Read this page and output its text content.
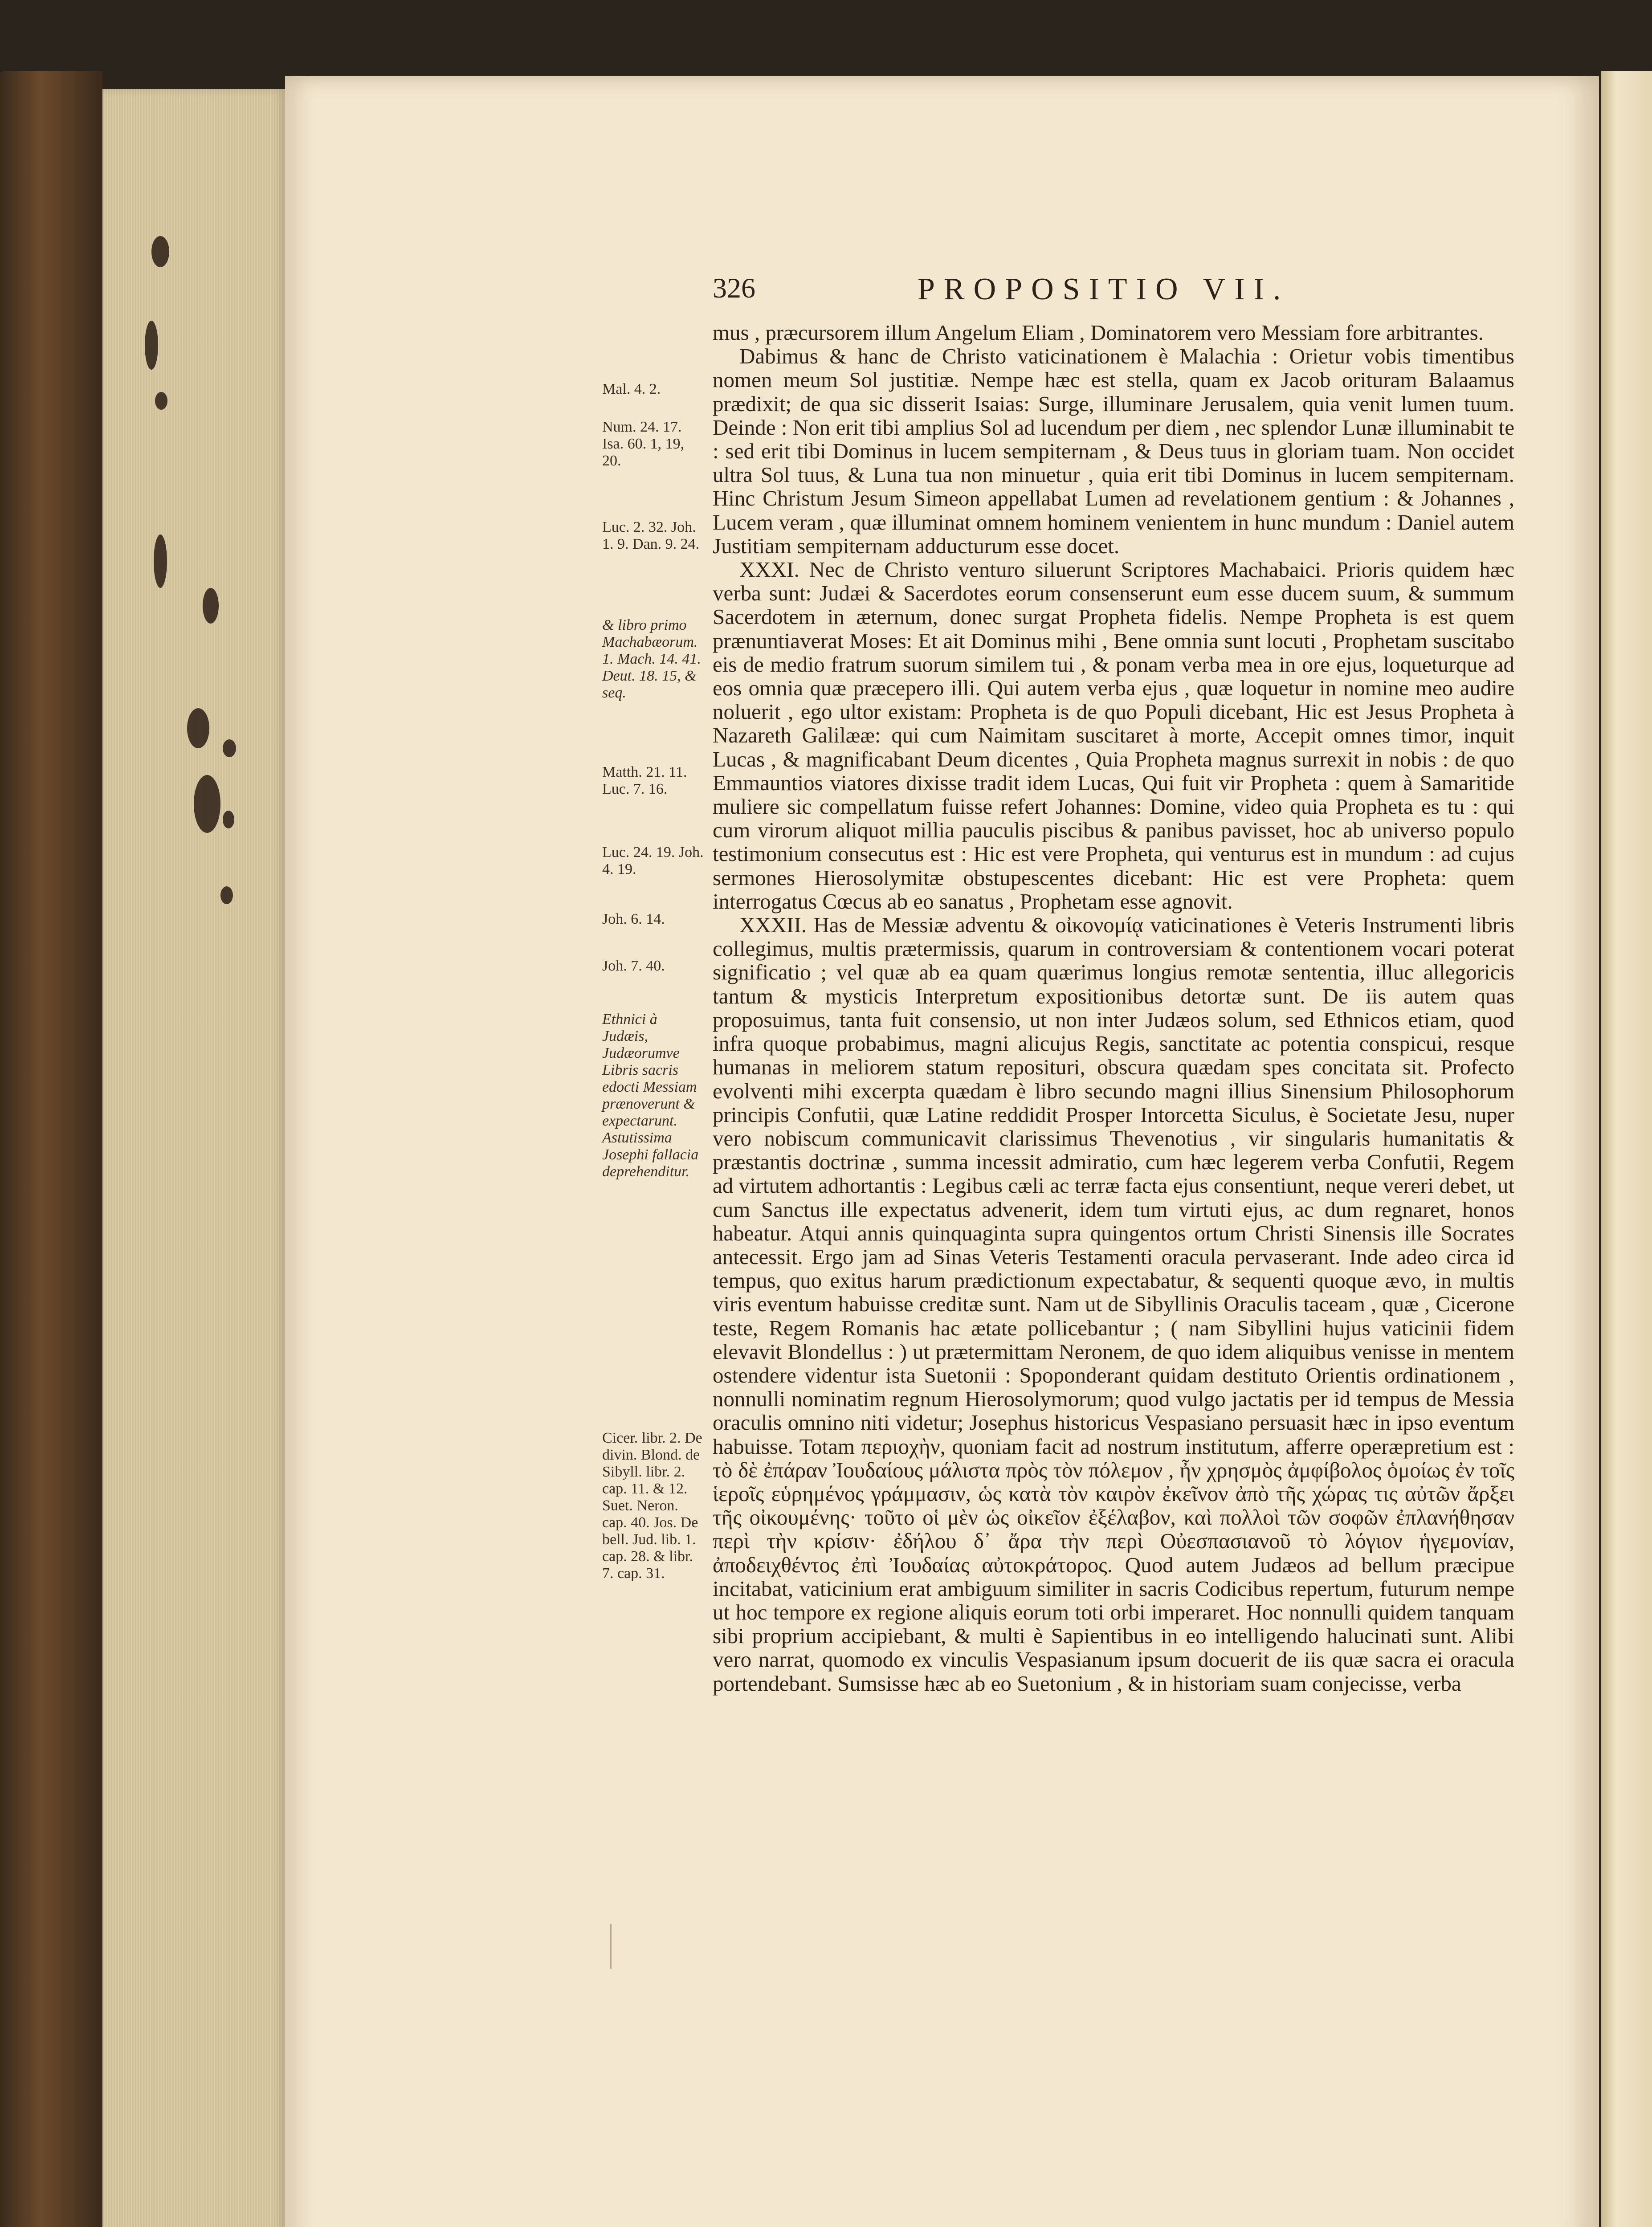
326	PROPOSITIO VII.
Mal. 4. 2.
Num. 24. 17. Isa. 60. 1, 19, 20.
Luc. 2. 32. Joh. 1. 9. Dan. 9. 24.
& libro primo Machabæorum. 1. Mach. 14. 41. Deut. 18. 15, & seq.
Matth. 21. 11. Luc. 7. 16.
Luc. 24. 19. Joh. 4. 19.
Joh. 6. 14.
Joh. 7. 40.
Ethnici à Judæis, Judæorumve Libris sacris edocti Messiam prænoverunt & expectarunt. Astutissima Josephi fallacia deprehenditur.
Cicer. libr. 2. De divin. Blond. de Sibyll. libr. 2. cap. 11. & 12. Suet. Neron. cap. 40. Jos. De bell. Jud. lib. 1. cap. 28. & libr. 7. cap. 31.

mus , præcursorem illum Angelum Eliam , Dominatorem vero Messiam fore arbitrantes.

Dabimus & hanc de Christo vaticinationem è Malachia : Orietur vobis timentibus nomen meum Sol justitiæ. Nempe hæc est stella, quam ex Jacob orituram Balaamus prædixit; de qua sic disserit Isaias: Surge, illuminare Jerusalem, quia venit lumen tuum. Deinde : Non erit tibi amplius Sol ad lucendum per diem , nec splendor Lunæ illuminabit te : sed erit tibi Dominus in lucem sempiternam , & Deus tuus in gloriam tuam. Non occidet ultra Sol tuus, & Luna tua non minuetur , quia erit tibi Dominus in lucem sempiternam. Hinc Christum Jesum Simeon appellabat Lumen ad revelationem gentium : & Johannes , Lucem veram , quæ illuminat omnem hominem venientem in hunc mundum : Daniel autem Justitiam sempiternam adducturum esse docet.

XXXI. Nec de Christo venturo siluerunt Scriptores Machabaici. Prioris quidem hæc verba sunt: Judæi & Sacerdotes eorum consenserunt eum esse ducem suum, & summum Sacerdotem in æternum, donec surgat Propheta fidelis. Nempe Propheta is est quem prænuntiaverat Moses: Et ait Dominus mihi , Bene omnia sunt locuti , Prophetam suscitabo eis de medio fratrum suorum similem tui , & ponam verba mea in ore ejus, loqueturque ad eos omnia quæ præcepero illi. Qui autem verba ejus , quæ loquetur in nomine meo audire noluerit , ego ultor existam: Propheta is de quo Populi dicebant, Hic est Jesus Propheta à Nazareth Galilææ: qui cum Naimitam suscitaret à morte, Accepit omnes timor, inquit Lucas , & magnificabant Deum dicentes , Quia Propheta magnus surrexit in nobis : de quo Emmauntios viatores dixisse tradit idem Lucas, Qui fuit vir Propheta : quem à Samaritide muliere sic compellatum fuisse refert Johannes: Domine, video quia Propheta es tu : qui cum virorum aliquot millia pauculis piscibus & panibus pavisset, hoc ab universo populo testimonium consecutus est : Hic est vere Propheta, qui venturus est in mundum : ad cujus sermones Hierosolymitæ obstupescentes dicebant: Hic est vere Propheta: quem interrogatus Cœcus ab eo sanatus , Prophetam esse agnovit.

XXXII. Has de Messiæ adventu & οἰκονομίᾳ vaticinationes è Veteris Instrumenti libris collegimus, multis prætermissis, quarum in controversiam & contentionem vocari poterat significatio ; vel quæ ab ea quam quærimus longius remotæ sententia, illuc allegoricis tantum & mysticis Interpretum expositionibus detortæ sunt. De iis autem quas proposuimus, tanta fuit consensio, ut non inter Judæos solum, sed Ethnicos etiam, quod infra quoque probabimus, magni alicujus Regis, sanctitate ac potentia conspicui, resque humanas in meliorem statum repositurі, obscura quædam spes concitata sit. Profecto evolventi mihi excerpta quædam è libro secundo magni illius Sinensium Philosophorum principis Confutii, quæ Latine reddidit Prosper Intorcetta Siculus, è Societate Jesu, nuper vero nobiscum communicavit clarissimus Thevenotius , vir singularis humanitatis & præstantis doctrinæ , summa incessit admiratio, cum hæc legerem verba Confutii, Regem ad virtutem adhortantis : Legibus cæli ac terræ facta ejus consentiunt, neque vereri debet, ut cum Sanctus ille expectatus advenerit, idem tum virtuti ejus, ac dum regnaret, honos habeatur. Atqui annis quinquaginta supra quingentos ortum Christi Sinensis ille Socrates antecessit. Ergo jam ad Sinas Veteris Testamenti oracula pervaserant. Inde adeo circa id tempus, quo exitus harum prædictionum expectabatur, & sequenti quoque ævo, in multis viris eventum habuisse creditæ sunt. Nam ut de Sibyllinis Oraculis taceam , quæ , Cicerone teste, Regem Romanis hac ætate pollicebantur ; ( nam Sibyllini hujus vaticinii fidem elevavit Blondellus : ) ut prætermittam Neronem, de quo idem aliquibus venisse in mentem ostendere videntur ista Suetonii : Spoponderant quidam destituto Orientis ordinationem , nonnulli nominatim regnum Hierosolymorum; quod vulgo jactatis per id tempus de Messia oraculis omnino niti videtur; Josephus historicus Vespasiano persuasit hæc in ipso eventum habuisse. Totam περιοχὴν, quoniam facit ad nostrum institutum, afferre operæpretium est : τὸ δὲ ἐπάραν Ἰουδαίους μάλιστα πρὸς τὸν πόλεμον , ἦν χρησμὸς ἀμφίβολος ὁμοίως ἐν τοῖς ἱεροῖς εὑρημένος γράμμασιν, ὡς κατὰ τὸν καιρὸν ἐκεῖνον ἀπὸ τῆς χώρας τις αὐτῶν ἄρξει τῆς οἰκουμένης· τοῦτο οἱ μὲν ὡς οἰκεῖον ἐξέλαβον, καὶ πολλοὶ τῶν σοφῶν ἐπλανήθησαν περὶ τὴν κρίσιν· ἐδήλου δ᾽ ἄρα τὴν περὶ Οὐεσπασιανοῦ τὸ λόγιον ἡγεμονίαν, ἀποδειχθέντος ἐπὶ Ἰουδαίας αὐτοκράτορος. Quod autem Judæos ad bellum præcipue incitabat, vaticinium erat ambiguum similiter in sacris Codicibus repertum, futurum nempe ut hoc tempore ex regione aliquis eorum toti orbi imperaret. Hoc nonnulli quidem tanquam sibi proprium accipiebant, & multi è Sapientibus in eo intelligendo halucinati sunt. Alibi vero narrat, quomodo ex vinculis Vespasianum ipsum docuerit de iis quæ sacra ei oracula portendebant. Sumsisse hæc ab eo Suetonium , & in historiam suam conjecisse, verba
